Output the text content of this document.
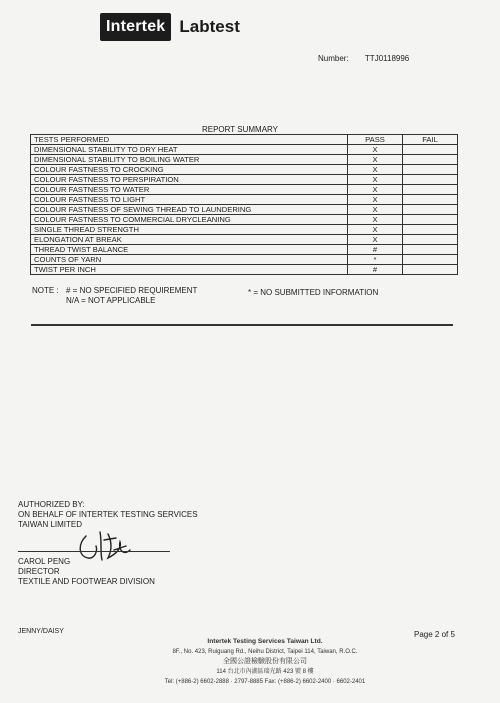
Intertek Labtest
Number: TTJ0118996
REPORT SUMMARY
TESTS PERFORMED	PASS	FAIL
DIMENSIONAL STABILITY TO DRY HEAT	X	
DIMENSIONAL STABILITY TO BOILING WATER	X	
COLOUR FASTNESS TO CROCKING	X	
COLOUR FASTNESS TO PERSPIRATION	X	
COLOUR FASTNESS TO WATER	X	
COLOUR FASTNESS TO LIGHT	X	
COLOUR FASTNESS OF SEWING THREAD TO LAUNDERING	X	
COLOUR FASTNESS TO COMMERCIAL DRYCLEANING	X	
SINGLE THREAD STRENGTH	X	
ELONGATION AT BREAK	X	
THREAD TWIST BALANCE	#	
COUNTS OF YARN	*	
TWIST PER INCH	#	
NOTE : # = NO SPECIFIED REQUIREMENT
N/A = NOT APPLICABLE
* = NO SUBMITTED INFORMATION
AUTHORIZED BY:
ON BEHALF OF INTERTEK TESTING SERVICES
TAIWAN LIMITED
CAROL PENG
DIRECTOR
TEXTILE AND FOOTWEAR DIVISION
JENNY/DAISY	Page 2 of 5
Intertek Testing Services Taiwan Ltd.
8F., No. 423, Ruiguang Rd., Neihu District, Taipei 114, Taiwan, R.O.C.
全國公證檢驗股份有限公司
114 台北市內湖區瑞光路 423 號 8 樓
Tel: (+886-2) 6602-2888 · 2797-8885 Fax: (+886-2) 6602-2400 · 6602-2401
